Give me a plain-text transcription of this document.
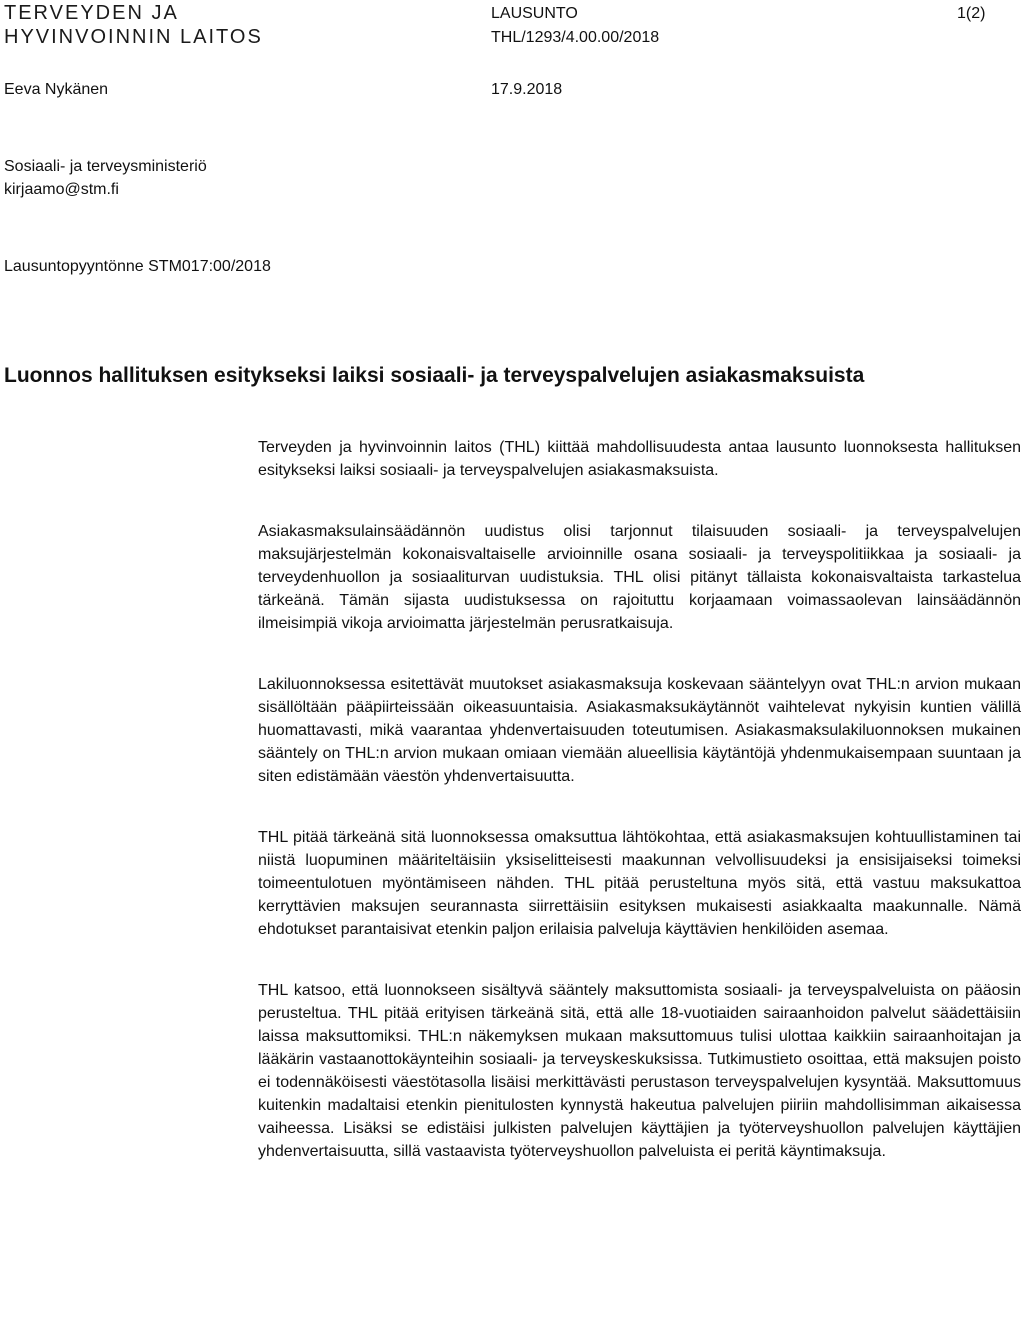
TERVEYDEN JA
HYVINVOINNIN LAITOS
LAUSUNTO
THL/1293/4.00.00/2018
1(2)
Eeva Nykänen	17.9.2018
Sosiaali- ja terveysministeriö
kirjaamo@stm.fi
Lausuntopyyntönne STM017:00/2018
Luonnos hallituksen esitykseksi laiksi sosiaali- ja terveyspalvelujen asiakasmaksuista

Terveyden ja hyvinvoinnin laitos (THL) kiittää mahdollisuudesta antaa lausunto luonnoksesta hallituksen esitykseksi laiksi sosiaali- ja terveyspalvelujen asiakasmaksuista.

Asiakasmaksulainsäädännön uudistus olisi tarjonnut tilaisuuden sosiaali- ja terveyspalvelujen maksujärjestelmän kokonaisvaltaiselle arvioinnille osana sosiaali- ja terveyspolitiikkaa ja sosiaali- ja terveydenhuollon ja sosiaaliturvan uudistuksia. THL olisi pitänyt tällaista kokonaisvaltaista tarkastelua tärkeänä. Tämän sijasta uudistuksessa on rajoituttu korjaamaan voimassaolevan lainsäädännön ilmeisimpiä vikoja arvioimatta järjestelmän perusratkaisuja.

Lakiluonnoksessa esitettävät muutokset asiakasmaksuja koskevaan sääntelyyn ovat THL:n arvion mukaan sisällöltään pääpiirteissään oikeasuuntaisia. Asiakasmaksukäytännöt vaihtelevat nykyisin kuntien välillä huomattavasti, mikä vaarantaa yhdenvertaisuuden toteutumisen. Asiakasmaksulakiluonnoksen mukainen sääntely on THL:n arvion mukaan omiaan viemään alueellisia käytäntöjä yhdenmukaisempaan suuntaan ja siten edistämään väestön yhdenvertaisuutta.

THL pitää tärkeänä sitä luonnoksessa omaksuttua lähtökohtaa, että asiakasmaksujen kohtuullistaminen tai niistä luopuminen määriteltäisiin yksiselitteisesti maakunnan velvollisuudeksi ja ensisijaiseksi toimeksi toimeentulotuen myöntämiseen nähden. THL pitää perusteltuna myös sitä, että vastuu maksukattoa kerryttävien maksujen seurannasta siirrettäisiin esityksen mukaisesti asiakkaalta maakunnalle. Nämä ehdotukset parantaisivat etenkin paljon erilaisia palveluja käyttävien henkilöiden asemaa.

THL katsoo, että luonnokseen sisältyvä sääntely maksuttomista sosiaali- ja terveyspalveluista on pääosin perusteltua. THL pitää erityisen tärkeänä sitä, että alle 18-vuotiaiden sairaanhoidon palvelut säädettäisiin laissa maksuttomiksi. THL:n näkemyksen mukaan maksuttomuus tulisi ulottaa kaikkiin sairaanhoitajan ja lääkärin vastaanottokäynteihin sosiaali- ja terveyskeskuksissa. Tutkimustieto osoittaa, että maksujen poisto ei todennäköisesti väestötasolla lisäisi merkittävästi perustason terveyspalvelujen kysyntää. Maksuttomuus kuitenkin madaltaisi etenkin pienitulosten kynnystä hakeutua palvelujen piiriin mahdollisimman aikaisessa vaiheessa. Lisäksi se edistäisi julkisten palvelujen käyttäjien ja työterveyshuollon palvelujen käyttäjien yhdenvertaisuutta, sillä vastaavista työterveyshuollon palveluista ei peritä käyntimaksuja.
